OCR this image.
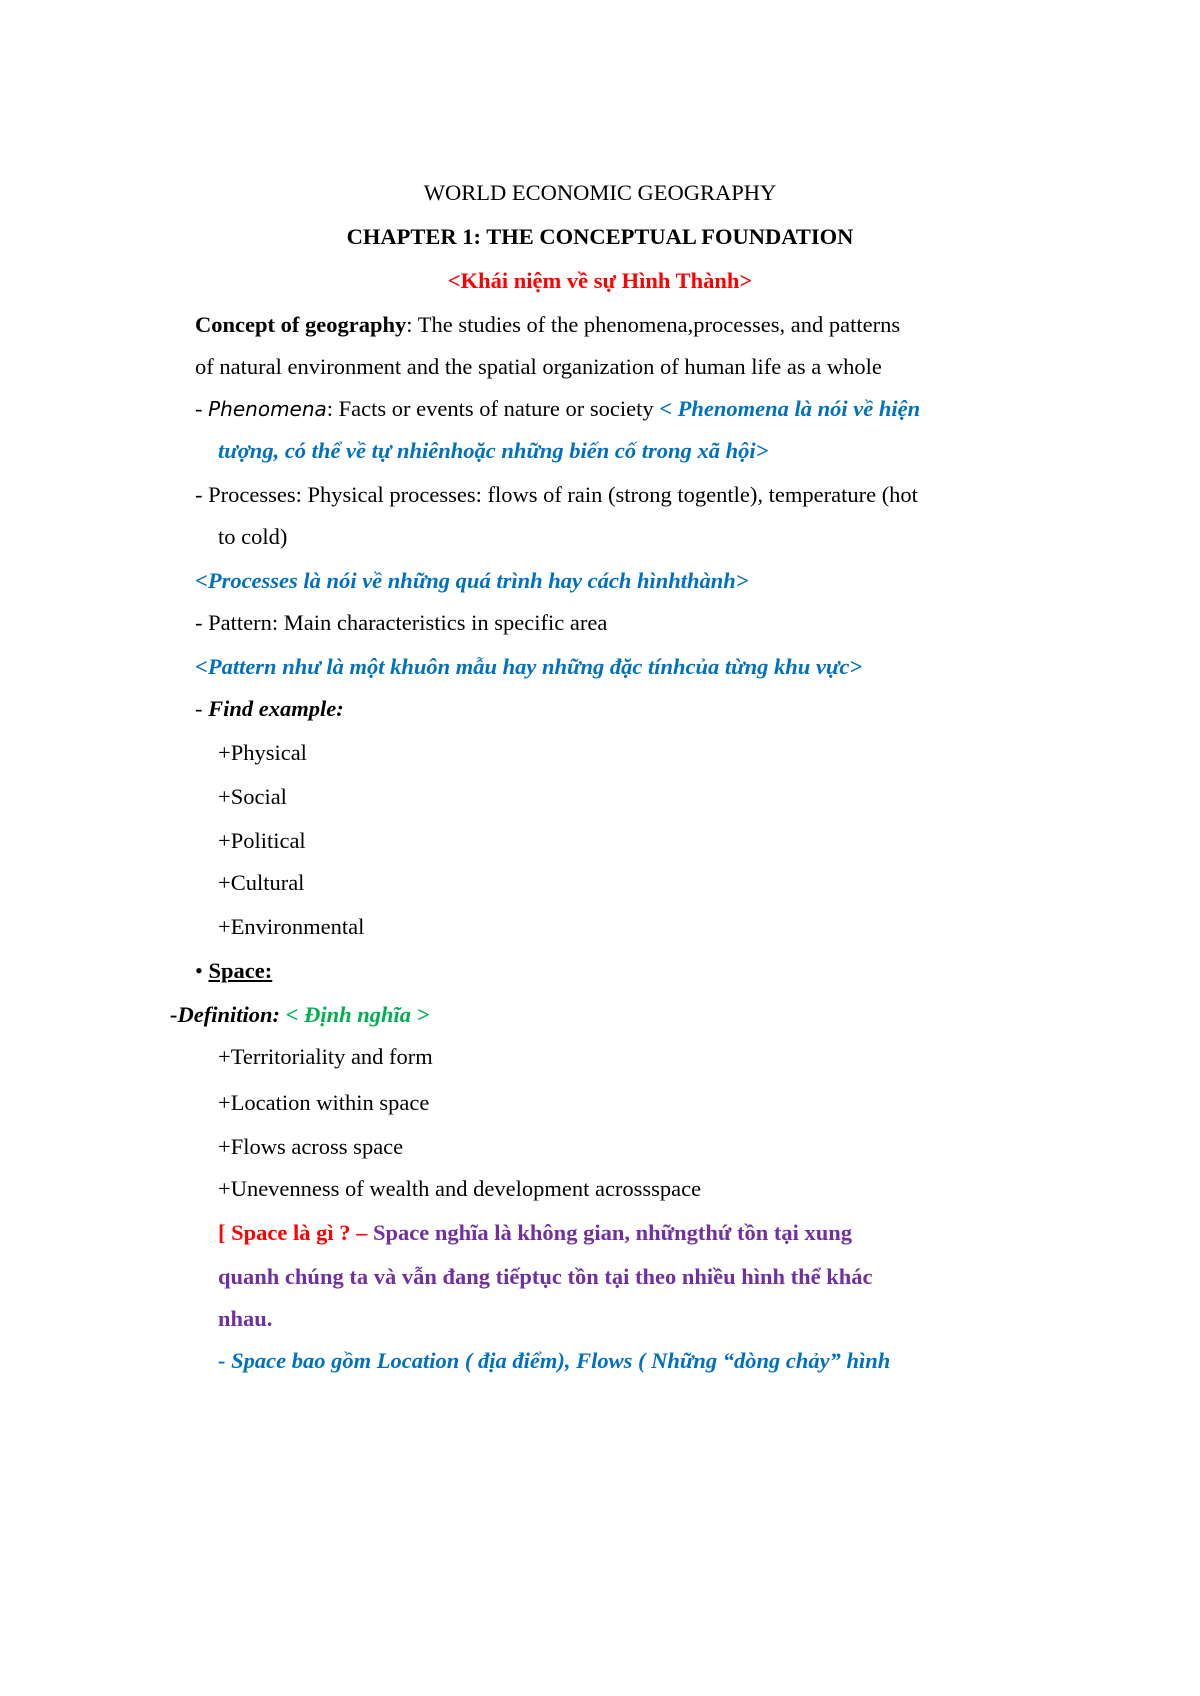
WORLD ECONOMIC GEOGRAPHY
CHAPTER 1: THE CONCEPTUAL FOUNDATION
<Khái niệm về sự Hình Thành>
Concept of geography: The studies of the phenomena,processes, and patterns
of natural environment and the spatial organization of human life as a whole
- Phenomena: Facts or events of nature or society < Phenomena là nói về hiện
tượng, có thể về tự nhiênhoặc những biến cố trong xã hội>
- Processes: Physical processes: flows of rain (strong togentle), temperature (hot
to cold)
<Processes là nói về những quá trình hay cách hìnhthành>
- Pattern: Main characteristics in specific area
<Pattern như là một khuôn mẫu hay những đặc tínhcủa từng khu vực>
- Find example:
+Physical
+Social
+Political
+Cultural
+Environmental
• Space:
-Definition: < Định nghĩa >
+Territoriality and form
+Location within space
+Flows across space
+Unevenness of wealth and development acrossspace
[ Space là gì ? – Space nghĩa là không gian, nhữngthứ tồn tại xung
quanh chúng ta và vẫn đang tiếptục tồn tại theo nhiều hình thể khác
nhau.
- Space bao gồm Location ( địa điểm), Flows ( Những “dòng chảy” hình
